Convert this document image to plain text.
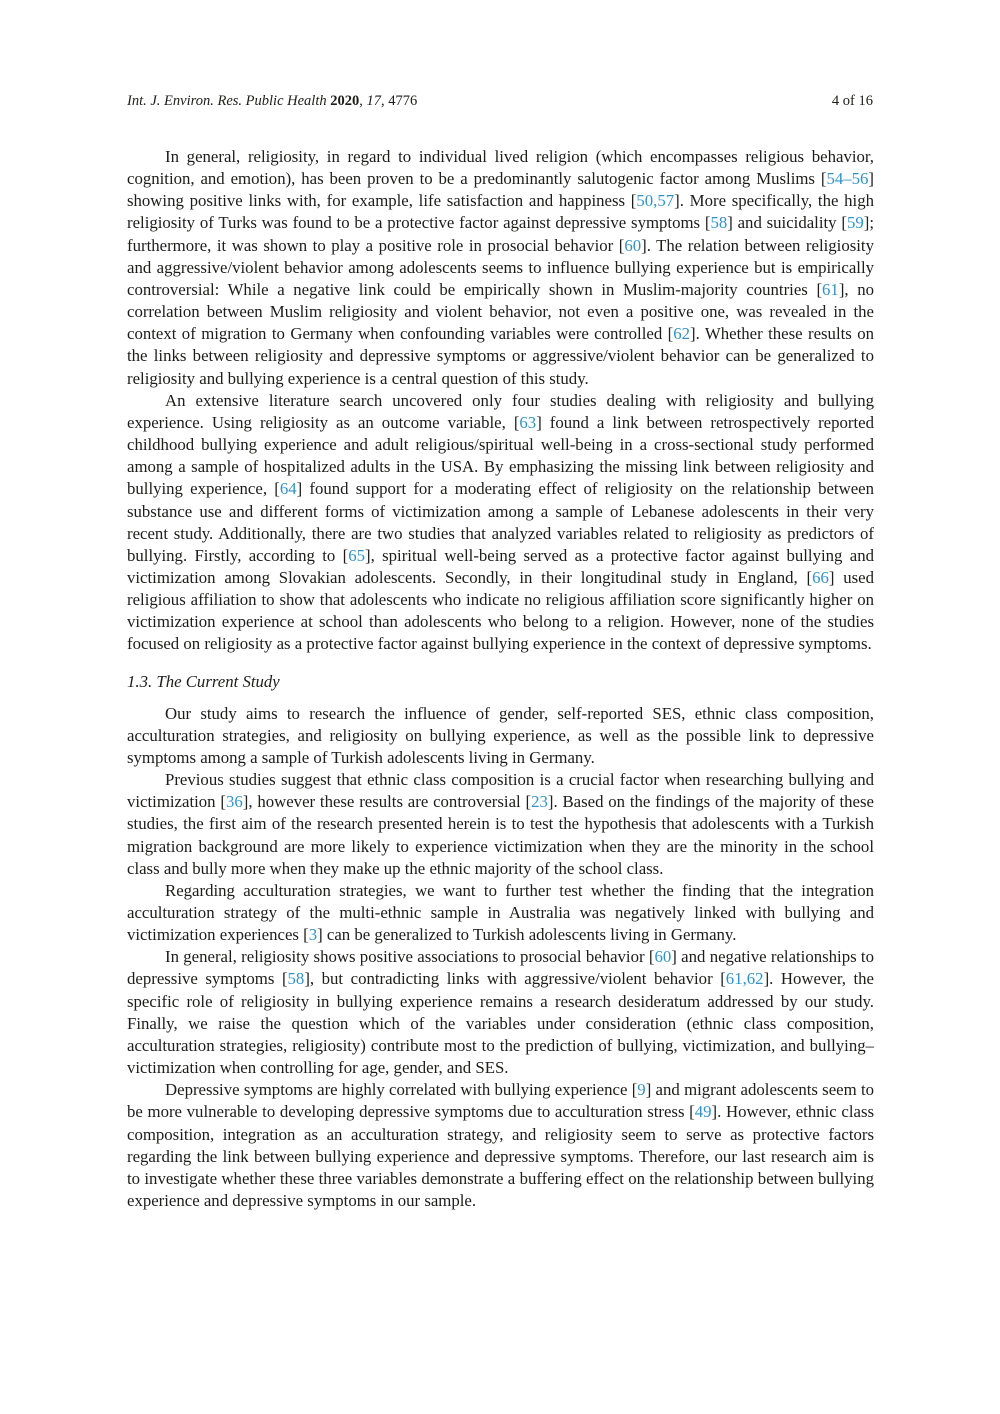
Int. J. Environ. Res. Public Health 2020, 17, 4776	4 of 16

In general, religiosity, in regard to individual lived religion (which encompasses religious behavior, cognition, and emotion), has been proven to be a predominantly salutogenic factor among Muslims [54–56] showing positive links with, for example, life satisfaction and happiness [50,57]. More specifically, the high religiosity of Turks was found to be a protective factor against depressive symptoms [58] and suicidality [59]; furthermore, it was shown to play a positive role in prosocial behavior [60]. The relation between religiosity and aggressive/violent behavior among adolescents seems to influence bullying experience but is empirically controversial: While a negative link could be empirically shown in Muslim-majority countries [61], no correlation between Muslim religiosity and violent behavior, not even a positive one, was revealed in the context of migration to Germany when confounding variables were controlled [62]. Whether these results on the links between religiosity and depressive symptoms or aggressive/violent behavior can be generalized to religiosity and bullying experience is a central question of this study.

An extensive literature search uncovered only four studies dealing with religiosity and bullying experience. Using religiosity as an outcome variable, [63] found a link between retrospectively reported childhood bullying experience and adult religious/spiritual well-being in a cross-sectional study performed among a sample of hospitalized adults in the USA. By emphasizing the missing link between religiosity and bullying experience, [64] found support for a moderating effect of religiosity on the relationship between substance use and different forms of victimization among a sample of Lebanese adolescents in their very recent study. Additionally, there are two studies that analyzed variables related to religiosity as predictors of bullying. Firstly, according to [65], spiritual well-being served as a protective factor against bullying and victimization among Slovakian adolescents. Secondly, in their longitudinal study in England, [66] used religious affiliation to show that adolescents who indicate no religious affiliation score significantly higher on victimization experience at school than adolescents who belong to a religion. However, none of the studies focused on religiosity as a protective factor against bullying experience in the context of depressive symptoms.

1.3. The Current Study

Our study aims to research the influence of gender, self-reported SES, ethnic class composition, acculturation strategies, and religiosity on bullying experience, as well as the possible link to depressive symptoms among a sample of Turkish adolescents living in Germany.

Previous studies suggest that ethnic class composition is a crucial factor when researching bullying and victimization [36], however these results are controversial [23]. Based on the findings of the majority of these studies, the first aim of the research presented herein is to test the hypothesis that adolescents with a Turkish migration background are more likely to experience victimization when they are the minority in the school class and bully more when they make up the ethnic majority of the school class.

Regarding acculturation strategies, we want to further test whether the finding that the integration acculturation strategy of the multi-ethnic sample in Australia was negatively linked with bullying and victimization experiences [3] can be generalized to Turkish adolescents living in Germany.

In general, religiosity shows positive associations to prosocial behavior [60] and negative relationships to depressive symptoms [58], but contradicting links with aggressive/violent behavior [61,62]. However, the specific role of religiosity in bullying experience remains a research desideratum addressed by our study. Finally, we raise the question which of the variables under consideration (ethnic class composition, acculturation strategies, religiosity) contribute most to the prediction of bullying, victimization, and bullying–victimization when controlling for age, gender, and SES.

Depressive symptoms are highly correlated with bullying experience [9] and migrant adolescents seem to be more vulnerable to developing depressive symptoms due to acculturation stress [49]. However, ethnic class composition, integration as an acculturation strategy, and religiosity seem to serve as protective factors regarding the link between bullying experience and depressive symptoms. Therefore, our last research aim is to investigate whether these three variables demonstrate a buffering effect on the relationship between bullying experience and depressive symptoms in our sample.
